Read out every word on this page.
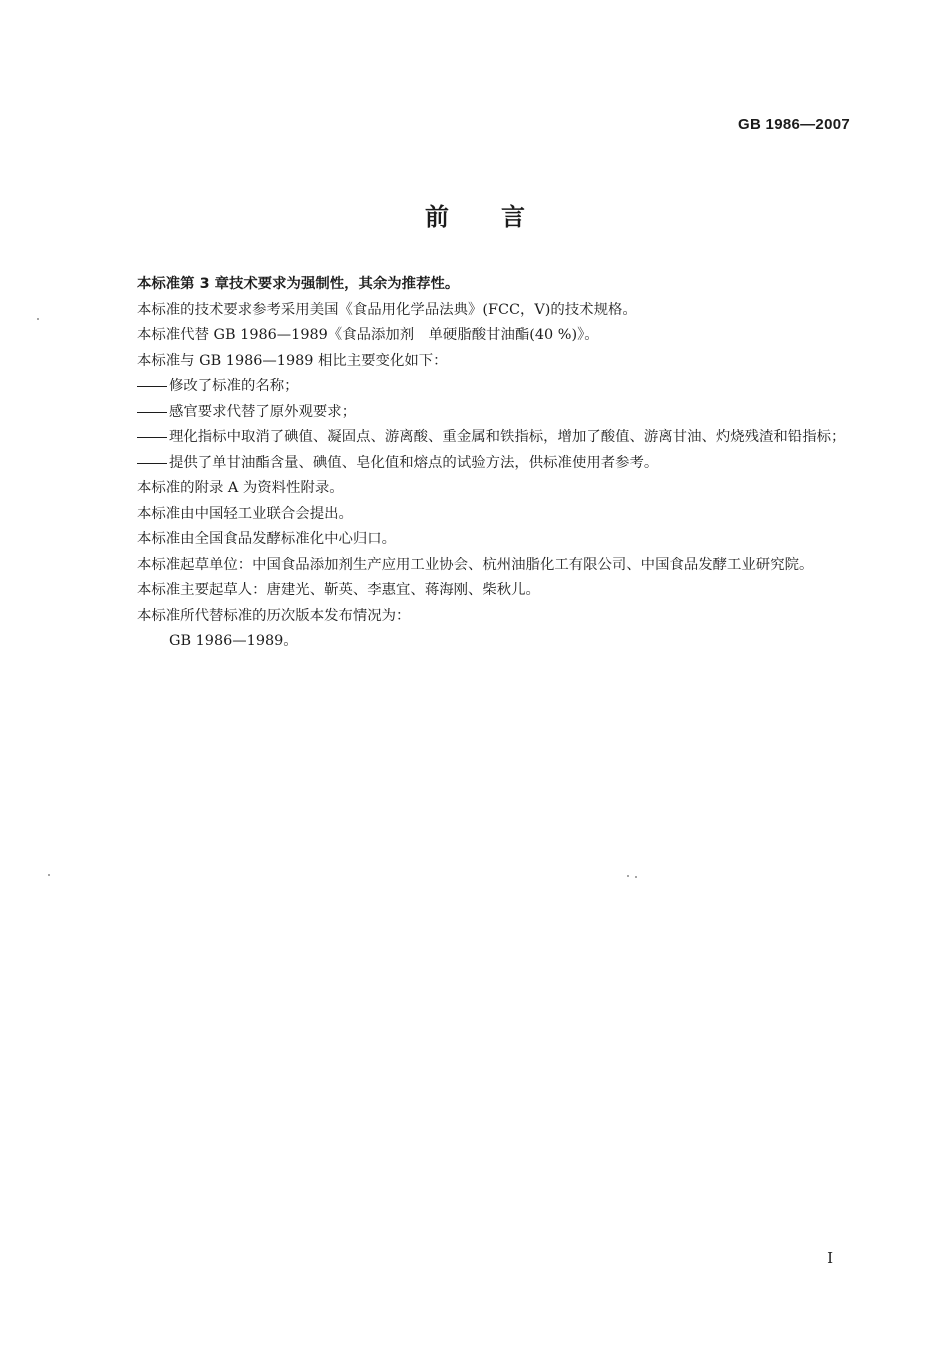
GB 1986—2007
前言

本标准第 3 章技术要求为强制性，其余为推荐性。

本标准的技术要求参考采用美国《食品用化学品法典》(FCC，Ⅴ)的技术规格。

本标准代替 GB 1986—1989《食品添加剂　单硬脂酸甘油酯(40 %)》。

本标准与 GB 1986—1989 相比主要变化如下：

修改了标准的名称；

感官要求代替了原外观要求；

理化指标中取消了碘值、凝固点、游离酸、重金属和铁指标，增加了酸值、游离甘油、灼烧残渣和铅指标；

提供了单甘油酯含量、碘值、皂化值和熔点的试验方法，供标准使用者参考。

本标准的附录 A 为资料性附录。

本标准由中国轻工业联合会提出。

本标准由全国食品发酵标准化中心归口。

本标准起草单位：中国食品添加剂生产应用工业协会、杭州油脂化工有限公司、中国食品发酵工业研究院。

本标准主要起草人：唐建光、靳英、李惠宜、蒋海刚、柴秋儿。

本标准所代替标准的历次版本发布情况为：

GB 1986—1989。

Ⅰ
